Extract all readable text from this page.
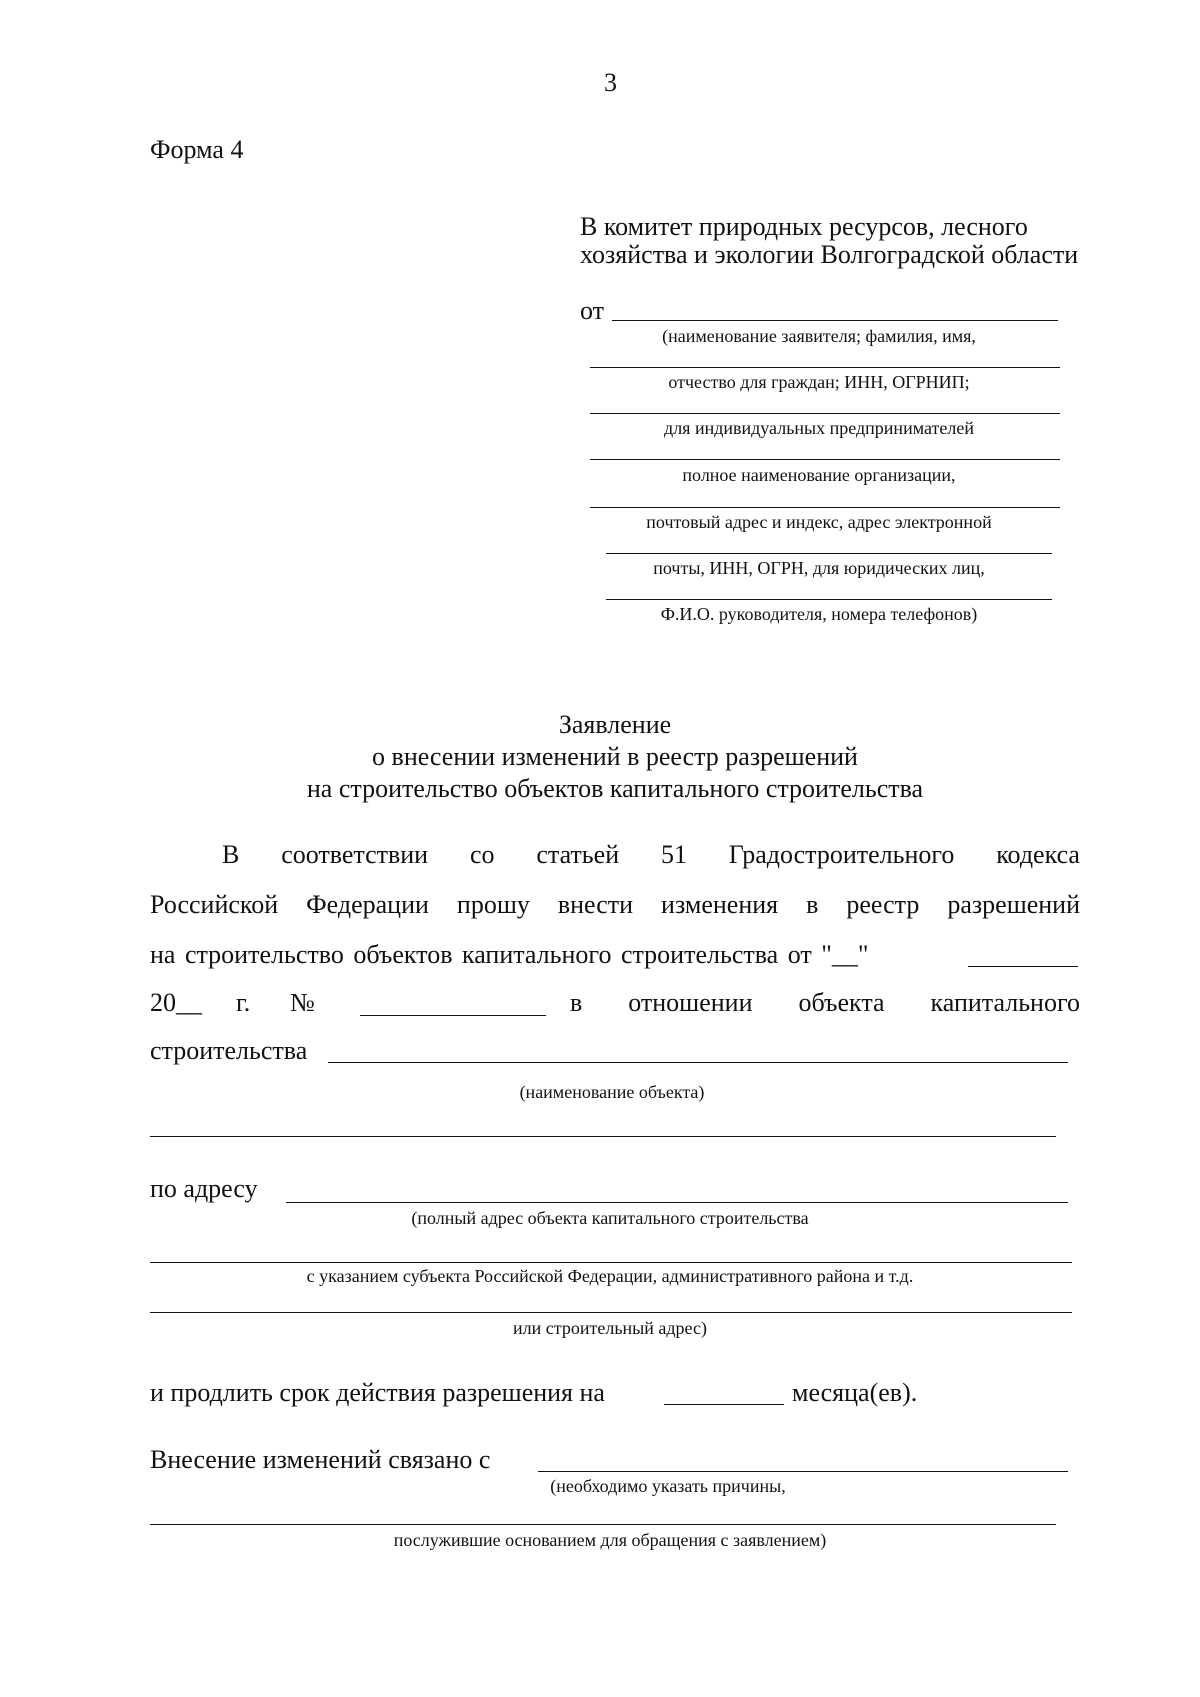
3
Форма 4
В комитет природных ресурсов, лесного
хозяйства и экологии Волгоградской области
от
(наименование заявителя; фамилия, имя,
отчество для граждан; ИНН, ОГРНИП;
для индивидуальных предпринимателей
полное наименование организации,
почтовый адрес и индекс, адрес электронной
почты, ИНН, ОГРН, для юридических лиц,
Ф.И.О. руководителя, номера телефонов)
Заявление
о внесении изменений в реестр разрешений
на строительство объектов капитального строительства
В соответствии со статьей 51 Градостроительного кодекса
Российской Федерации прошу внести изменения в реестр разрешений
на строительство объектов капитального строительства от "__"
20__ г. №	в отношении объекта капитального
строительства
(наименование объекта)
по адресу
(полный адрес объекта капитального строительства
с указанием субъекта Российской Федерации, административного района и т.д.
или строительный адрес)
и продлить срок действия разрешения на	месяца(ев).
Внесение изменений связано с
(необходимо указать причины,
послужившие основанием для обращения с заявлением)
